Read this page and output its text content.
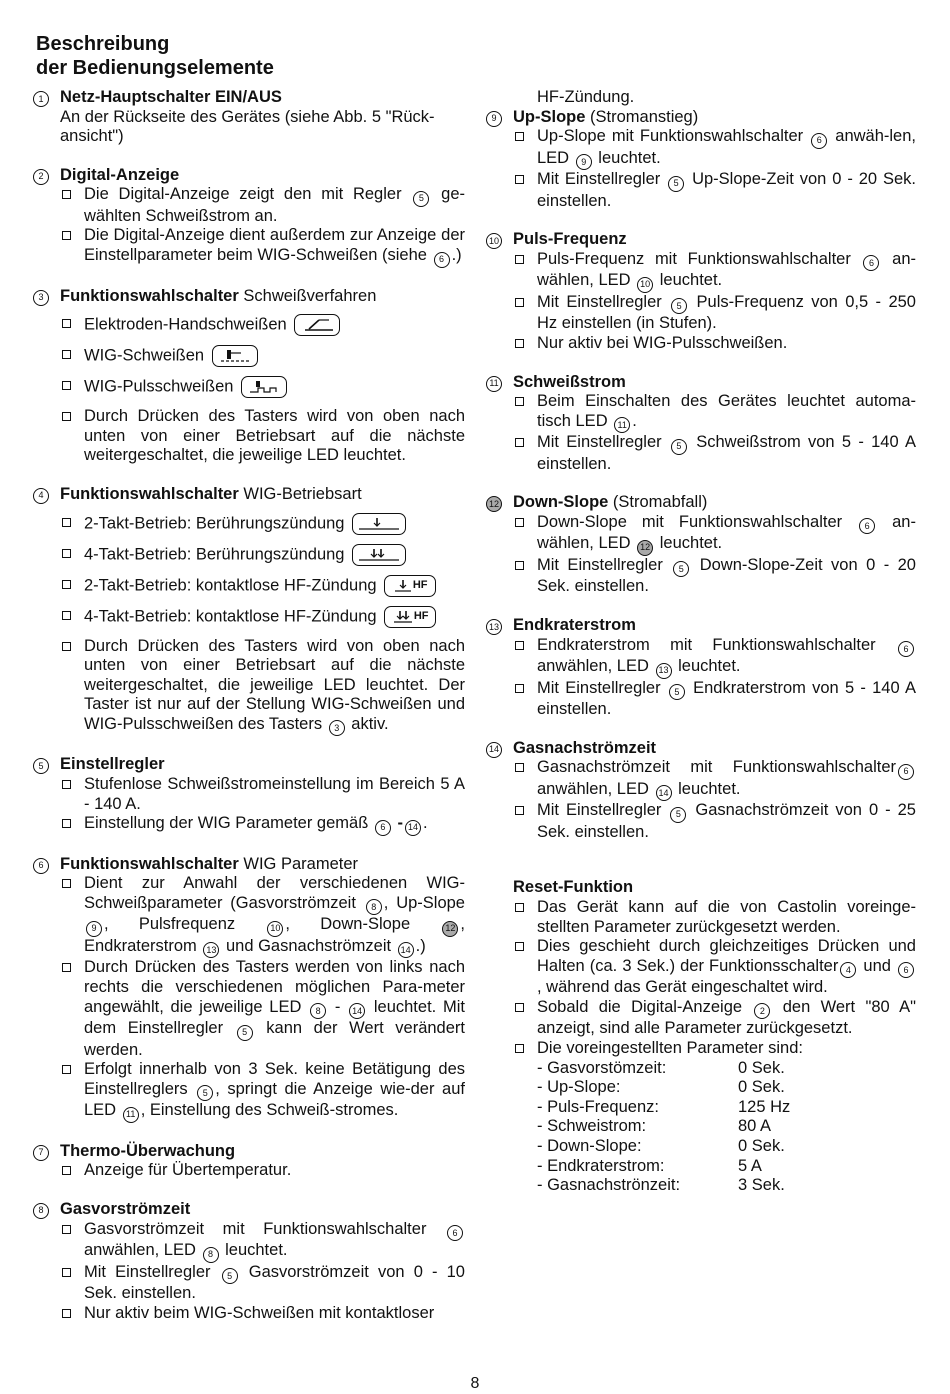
Beschreibung
der Bedienungselemente
1	Netz-Hauptschalter EIN/AUS
An der Rückseite des Gerätes (siehe Abb. 5 "Rück-ansicht")
2	Digital-Anzeige
Die Digital-Anzeige zeigt den mit Regler 5 ge-wählten Schweißstrom an.
Die Digital-Anzeige dient außerdem zur Anzeige der Einstellparameter beim WIG-Schweißen (siehe 6 .)
3	Funktionswahlschalter Schweißverfahren
Elektroden-Handschweißen
WIG-Schweißen
WIG-Pulsschweißen
Durch Drücken des Tasters wird von oben nach unten von einer Betriebsart auf die nächste weitergeschaltet, die jeweilige LED leuchtet.
4	Funktionswahlschalter WIG-Betriebsart
2-Takt-Betrieb: Berührungszündung
4-Takt-Betrieb: Berührungszündung
2-Takt-Betrieb: kontaktlose HF-Zündung	HF
4-Takt-Betrieb: kontaktlose HF-Zündung	HF
Durch Drücken des Tasters wird von oben nach unten von einer Betriebsart auf die nächste weitergeschaltet, die jeweilige LED leuchtet. Der Taster ist nur auf der Stellung WIG-Schweißen und WIG-Pulsschweißen des Tasters 3 aktiv.
5	Einstellregler
Stufenlose Schweißstromeinstellung im Bereich 5 A - 140 A.
Einstellung der WIG Parameter gemäß 6 - 14 .
6	Funktionswahlschalter WIG Parameter
Dient zur Anwahl der verschiedenen WIG-Schweißparameter (Gasvorströmzeit 8 , Up-Slope 9 , Pulsfrequenz	10 , Down-Slope	12 , Endkraterstrom 13 und Gasnachströmzeit 14 .)
Durch Drücken des Tasters werden von links nach rechts die verschiedenen möglichen Para-meter angewählt, die jeweilige LED 8 - 14 leuchtet. Mit dem Einstellregler 5 kann der Wert verändert werden.
Erfolgt innerhalb von 3 Sek. keine Betätigung des Einstellreglers 5 , springt die Anzeige wie-der auf LED 11 , Einstellung des Schweiß-stromes.
7	Thermo-Überwachung
Anzeige für Übertemperatur.
8	Gasvorströmzeit
Gasvorströmzeit mit Funktionswahlschalter	6 anwählen, LED 8 leuchtet.
Mit Einstellregler 5 Gasvorströmzeit von 0 - 10 Sek. einstellen.
Nur aktiv beim WIG-Schweißen mit kontaktloser
HF-Zündung.
9	Up-Slope (Stromanstieg)
Up-Slope mit Funktionswahlschalter 6 anwäh-len, LED 9 leuchtet.
Mit Einstellregler 5 Up-Slope-Zeit von 0 - 20 Sek. einstellen.
10 Puls-Frequenz
Puls-Frequenz mit Funktionswahlschalter 6 an-wählen, LED 10 leuchtet.
Mit Einstellregler 5 Puls-Frequenz von 0,5 - 250 Hz einstellen (in Stufen).
Nur aktiv bei WIG-Pulsschweißen.
11 Schweißstrom
Beim Einschalten des Gerätes leuchtet automa-tisch LED 11 .
Mit Einstellregler 5 Schweißstrom von 5 - 140 A einstellen.
12 Down-Slope (Stromabfall)
Down-Slope mit Funktionswahlschalter 6 an-wählen, LED 12 leuchtet.
Mit Einstellregler 5 Down-Slope-Zeit von 0 - 20 Sek. einstellen.
13 Endkraterstrom
Endkraterstrom mit Funktionswahlschalter	6 anwählen, LED 13 leuchtet.
Mit Einstellregler 5 Endkraterstrom von 5 - 140 A einstellen.
14 Gasnachströmzeit
Gasnachströmzeit mit Funktionswahlschalter 6 anwählen, LED 14 leuchtet.
Mit Einstellregler 5 Gasnachströmzeit von 0 - 25 Sek. einstellen.
Reset-Funktion
Das Gerät kann auf die von Castolin voreinge-stellten Parameter zurückgesetzt werden.
Dies geschieht durch gleichzeitiges Drücken und Halten (ca. 3 Sek.) der Funktionsschalter 4 und 6, während das Gerät eingeschaltet wird.
Sobald die Digital-Anzeige 2 den Wert "80 A" anzeigt, sind alle Parameter zurückgesetzt.
Die voreingestellten Parameter sind:
- Gasvorstömzeit:	0 Sek.
- Up-Slope:	0 Sek.
- Puls-Frequenz:	125 Hz
- Schweistrom:	80 A
- Down-Slope:	0 Sek.
- Endkraterstrom:	5 A
- Gasnachströnzeit:	3 Sek.
8
